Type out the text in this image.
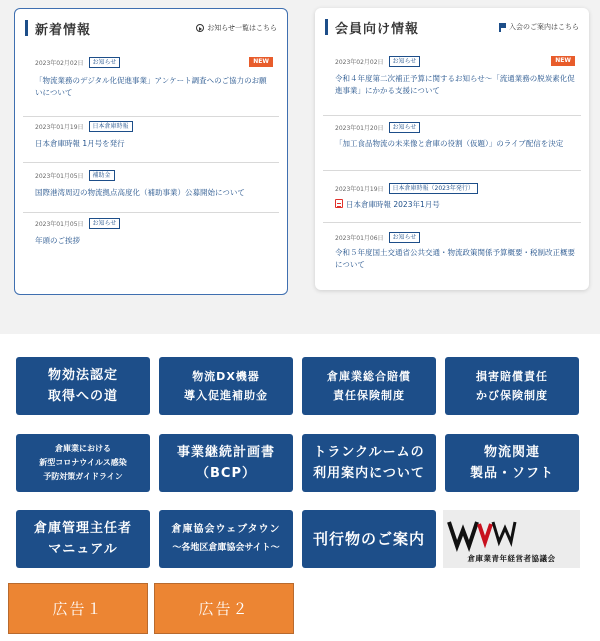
新着情報	お知らせ一覧はこちら
2023年02月02日	お知らせ	NEW
「物流業務のデジタル化促進事業」アンケート調査へのご協力のお願いについて
2023年01月19日	日本倉庫時報
日本倉庫時報 1月号を発行
2023年01月05日	補助金
国際港湾周辺の物流拠点高度化（補助事業）公募開始について
2023年01月05日	お知らせ
年頭のご挨拶
会員向け情報	入会のご案内はこちら
2023年02月02日	お知らせ	NEW
令和４年度第二次補正予算に関するお知らせ～「流通業務の脱炭素化促進事業」にかかる支援について
2023年01月20日	お知らせ
「加工食品物流の未来像と倉庫の役割（仮題）」のライブ配信を決定
2023年01月19日	日本倉庫時報（2023年発行）
日本倉庫時報 2023年1月号
2023年01月06日	お知らせ
令和５年度国土交通省公共交通・物流政策関係予算概要・税制改正概要について
物効法認定
取得への道
物流DX機器
導入促進補助金
倉庫業総合賠償
責任保険制度
損害賠償責任
かび保険制度
倉庫業における
新型コロナウイルス感染
予防対策ガイドライン
事業継続計画書
（BCP）
トランクルームの
利用案内について
物流関連
製品・ソフト
倉庫管理主任者
マニュアル
倉庫協会ウェブタウン
～各地区倉庫協会サイト～ 刊行物のご案内
倉庫業青年経営者協議会
広告１	広告２
